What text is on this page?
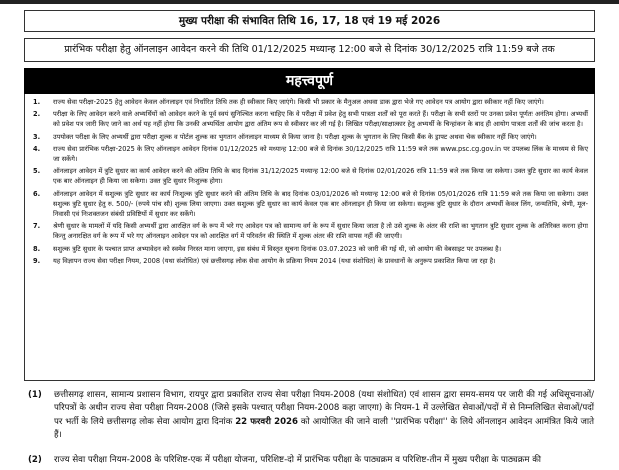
मुख्य परीक्षा की संभावित तिथि 16, 17, 18 एवं 19 मई 2026
प्रारंभिक परीक्षा हेतु ऑनलाइन आवेदन करने की तिथि 01/12/2025 मध्यान्ह 12:00 बजे से दिनांक 30/12/2025 रात्रि 11:59 बजे तक
महत्त्वपूर्ण
1.	राज्य सेवा परीक्षा-2025 हेतु आवेदन केवल ऑनलाइन एवं निर्धारित तिथि तक ही स्वीकार किए जाएंगे। किसी भी प्रकार के मैनुअल अथवा डाक द्वारा भेजे गए आवेदन पत्र आयोग द्वारा स्वीकार नहीं किए जाएंगे।
2.	परीक्षा के लिए आवेदन करने वाले अभ्यर्थियों को आवेदन करने के पूर्व स्वयं सुनिश्चित करना चाहिए कि वे परीक्षा में प्रवेश हेतु सभी पात्रता शर्तों को पूरा करते हैं। परीक्षा के सभी स्तरों पर उनका प्रवेश पूर्णतः अनंतिम होगा। अभ्यर्थी को प्रवेश पत्र जारी किए जाने का अर्थ यह नहीं होगा कि उनकी अभ्यर्थिता आयोग द्वारा अंतिम रूप से स्वीकार कर ली गई है। लिखित परीक्षा/साक्षात्कार हेतु अभ्यर्थी के चिन्हांकन के बाद ही आयोग पात्रता शर्तों की जांच करता है।
3.	उपयोक्त परीक्षा के लिए अभ्यर्थी द्वारा परीक्षा शुल्क व पोर्टल शुल्क का भुगतान ऑनलाइन माध्यम से किया जाना है। परीक्षा शुल्क के भुगतान के लिए किसी बैंक के ड्राफ्ट अथवा चेक स्वीकार नहीं किए जाएंगे।
4.	राज्य सेवा प्रारंभिक परीक्षा-2025 के लिए ऑनलाइन आवेदन दिनांक 01/12/2025 को मध्यान्ह 12:00 बजे से दिनांक 30/12/2025 रात्रि 11:59 बजे तक www.psc.cg.gov.in पर उपलब्ध लिंक के माध्यम से किए जा सकेंगे।
5.	ऑनलाइन आवेदन में त्रुटि सुधार का कार्य आवेदन करने की अंतिम तिथि के बाद दिनांक 31/12/2025 मध्यान्ह 12:00 बजे से दिनांक 02/01/2026 रात्रि 11:59 बजे तक किया जा सकेगा। उक्त त्रुटि सुधार का कार्य केवल एक बार ऑनलाइन ही किया जा सकेगा। उक्त त्रुटि सुधार निःशुल्क होगा।
6.	ऑनलाइन आवेदन में सशुल्क त्रुटि सुधार का कार्य निःशुल्क त्रुटि सुधार करने की अंतिम तिथि के बाद दिनांक 03/01/2026 को मध्यान्ह 12:00 बजे से दिनांक 05/01/2026 रात्रि 11:59 बजे तक किया जा सकेगा। उक्त सशुल्क त्रुटि सुधार हेतु रु. 500/- (रुपये पांच सौ) शुल्क लिया जाएगा। उक्त सशुल्क त्रुटि सुधार का कार्य केवल एक बार ऑनलाइन ही किया जा सकेगा। सशुल्क त्रुटि सुधार के दौरान अभ्यर्थी केवल लिंग, जन्मतिथि, श्रेणी, मूल-निवासी एवं निःशक्तजन संबंधी प्रविष्टियों में सुधार कर सकेंगे।
7.	श्रेणी सुधार के मामलों में यदि किसी अभ्यर्थी द्वारा आरक्षित वर्ग के रूप में भरे गए आवेदन पत्र को सामान्य वर्ग के रूप में सुधार किया जाता है तो उसे शुल्क के अंतर की राशि का भुगतान त्रुटि सुधार शुल्क के अतिरिक्त करना होगा किन्तु अनारक्षित वर्ग के रूप में भरे गए ऑनलाइन आवेदन पत्र को आरक्षित वर्ग में परिवर्तन की स्थिति में शुल्क अंतर की राशि वापस नहीं की जाएगी।
8.	सशुल्क त्रुटि सुधार के पश्चात प्राप्त अभ्यावेदन को स्वमेव निरस्त माना जाएगा, इस संबंध में विस्तृत सूचना दिनांक 03.07.2023 को जारी की गई थी, जो आयोग की वेबसाइट पर उपलब्ध है।
9.	यह विज्ञापन राज्य सेवा परीक्षा नियम, 2008 (यथा संशोधित) एवं छत्तीसगढ़ लोक सेवा आयोग के प्रक्रिया नियम 2014 (यथा संशोधित) के प्रावधानों के अनुरूप प्रकाशित किया जा रहा है।
(1)	छत्तीसगढ़ शासन, सामान्य प्रशासन विभाग, रायपुर द्वारा प्रकाशित राज्य सेवा परीक्षा नियम-2008 (यथा संशोधित) एवं शासन द्वारा समय-समय पर जारी की गई अधिसूचनाओं/परिपत्रों के अधीन राज्य सेवा परीक्षा नियम-2008 (जिसे इसके पश्चात् परीक्षा नियम-2008 कहा जाएगा) के नियम-1 में उल्लेखित सेवाओं/पदों में से निम्नलिखित सेवाओं/पदों पर भर्ती के लिये छत्तीसगढ़ लोक सेवा आयोग द्वारा दिनांक 22 फरवरी 2026 को आयोजित की जाने वाली ''प्रारंभिक परीक्षा'' के लिये ऑनलाइन आवेदन आमंत्रित किये जाते हैं।
(2)	राज्य सेवा परीक्षा नियम-2008 के परिशिष्ट-एक में परीक्षा योजना, परिशिष्ट-दो में प्रारंभिक परीक्षा के पाठ्यक्रम व परिशिष्ट-तीन में मुख्य परीक्षा के पाठ्यक्रम की
